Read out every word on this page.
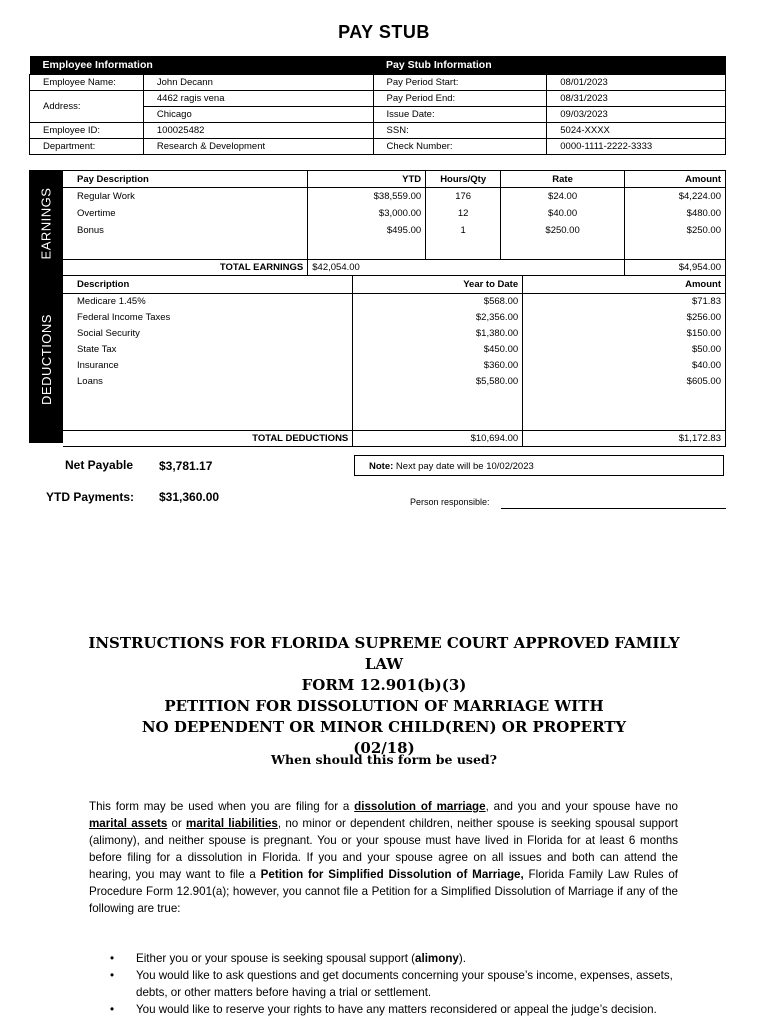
PAY STUB
Employee Information		Pay Stub Information	
Employee Name:	John Decann	Pay Period Start:	08/01/2023
Address:	4462 ragis vena	Pay Period End:	08/31/2023
	Chicago	Issue Date:	09/03/2023
Employee ID:	100025482	SSN:	5024-XXXX
Department:	Research & Development	Check Number:	0000-1111-2222-3333
EARNINGS
DEDUCTIONS
Pay Description	YTD	Hours/Qty	Rate	Amount
Regular Work	$38,559.00	176	$24.00	$4,224.00
Overtime	$3,000.00	12	$40.00	$480.00
Bonus	$495.00	1	$250.00	$250.00

TOTAL EARNINGS	$42,054.00			$4,954.00
Description	Year to Date	Amount
Medicare 1.45%	$568.00	$71.83
Federal Income Taxes	$2,356.00	$256.00
Social Security	$1,380.00	$150.00
State Tax	$450.00	$50.00
Insurance	$360.00	$40.00
Loans	$5,580.00	$605.00

TOTAL DEDUCTIONS	$10,694.00	$1,172.83
Net Payable $3,781.17
YTD Payments: $31,360.00
Note: Next pay date will be 10/02/2023
Person responsible:
INSTRUCTIONS FOR FLORIDA SUPREME COURT APPROVED FAMILY LAW
FORM 12.901(b)(3)
PETITION FOR DISSOLUTION OF MARRIAGE WITH
NO DEPENDENT OR MINOR CHILD(REN) OR PROPERTY
(02/18)
When should this form be used?
This form may be used when you are filing for a dissolution of marriage, and you and your spouse have no marital assets or marital liabilities, no minor or dependent children, neither spouse is seeking spousal support (alimony), and neither spouse is pregnant. You or your spouse must have lived in Florida for at least 6 months before filing for a dissolution in Florida. If you and your spouse agree on all issues and both can attend the hearing, you may want to file a Petition for Simplified Dissolution of Marriage, Florida Family Law Rules of Procedure Form 12.901(a); however, you cannot file a Petition for a Simplified Dissolution of Marriage if any of the following are true:
• Either you or your spouse is seeking spousal support (alimony).
• You would like to ask questions and get documents concerning your spouse’s income, expenses, assets, debts, or other matters before having a trial or settlement.
• You would like to reserve your rights to have any matters reconsidered or appeal the judge’s decision.
